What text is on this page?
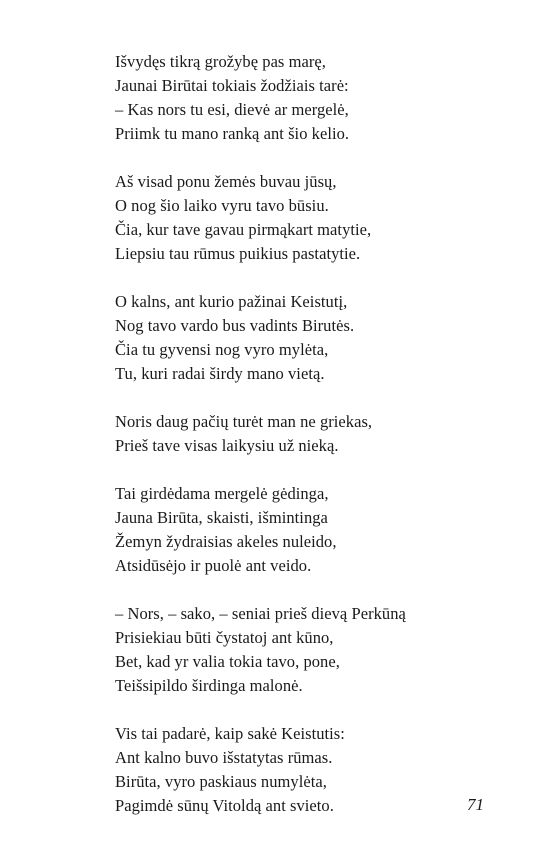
Išvydęs tikrą grožybę pas marę,
Jaunai Birūtai tokiais žodžiais tarė:
– Kas nors tu esi, dievė ar mergelė,
Priimk tu mano ranką ant šio kelio.
Aš visad ponu žemės buvau jūsų,
O nog šio laiko vyru tavo būsiu.
Čia, kur tave gavau pirmąkart matytie,
Liepsiu tau rūmus puikius pastatytie.
O kalns, ant kurio pažinai Keistutį,
Nog tavo vardo bus vadints Birutės.
Čia tu gyvensi nog vyro mylėta,
Tu, kuri radai širdy mano vietą.
Noris daug pačių turėt man ne griekas,
Prieš tave visas laikysiu už nieką.
Tai girdėdama mergelė gėdinga,
Jauna Birūta, skaisti, išmintinga
Žemyn žydraisias akeles nuleido,
Atsidūsėjo ir puolė ant veido.
– Nors, – sako, – seniai prieš dievą Perkūną
Prisiekiau būti čystatoj ant kūno,
Bet, kad yr valia tokia tavo, pone,
Teišsipildo širdinga malonė.
Vis tai padarė, kaip sakė Keistutis:
Ant kalno buvo išstatytas rūmas.
Birūta, vyro paskiaus numylėta,
Pagimdė sūnų Vitoldą ant svieto.	71
